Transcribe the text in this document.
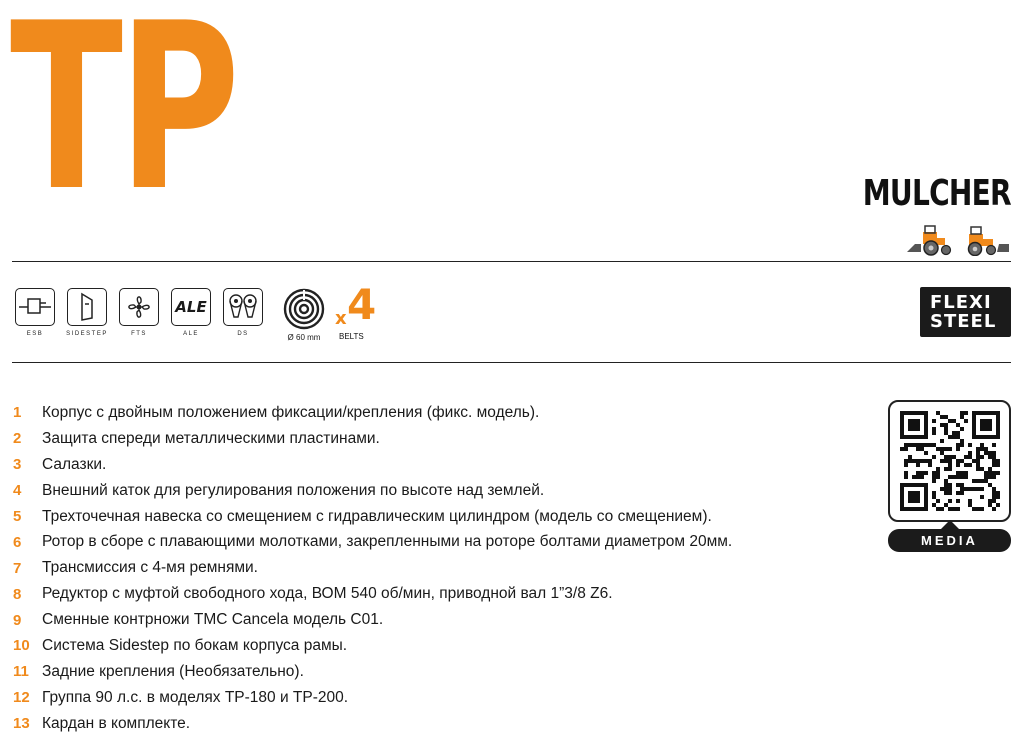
TP	MULCHER
ESB	SIDESTEP	FTS
ALE
ALE	DS	Ø 60 mm
x 4
BELTS
FLEXI
STEEL
1	Корпус с двойным положением фиксации/крепления (фикс. модель).
2	Защита спереди металлическими пластинами.
3	Салазки.
4	Внешний каток для регулирования положения по высоте над землей.
5	Трехточечная навеска со смещением с гидравлическим цилиндром (модель со смещением).
6	Ротор в сборе с плавающими молотками, закрепленными на роторе болтами диаметром 20мм.
7	Трансмиссия с 4-мя ремнями.
8	Редуктор с муфтой свободного хода, ВОМ 540 об/мин, приводной вал 1”3/8 Z6.
9	Сменные контрножи ТМС Cancela модель C01.
10 Система Sidestep по бокам корпуса рамы.
11 Задние крепления (Необязательно).
12 Группа 90 л.с. в моделях TP-180 и TP-200.
13 Кардан в комплекте.
MEDIA
